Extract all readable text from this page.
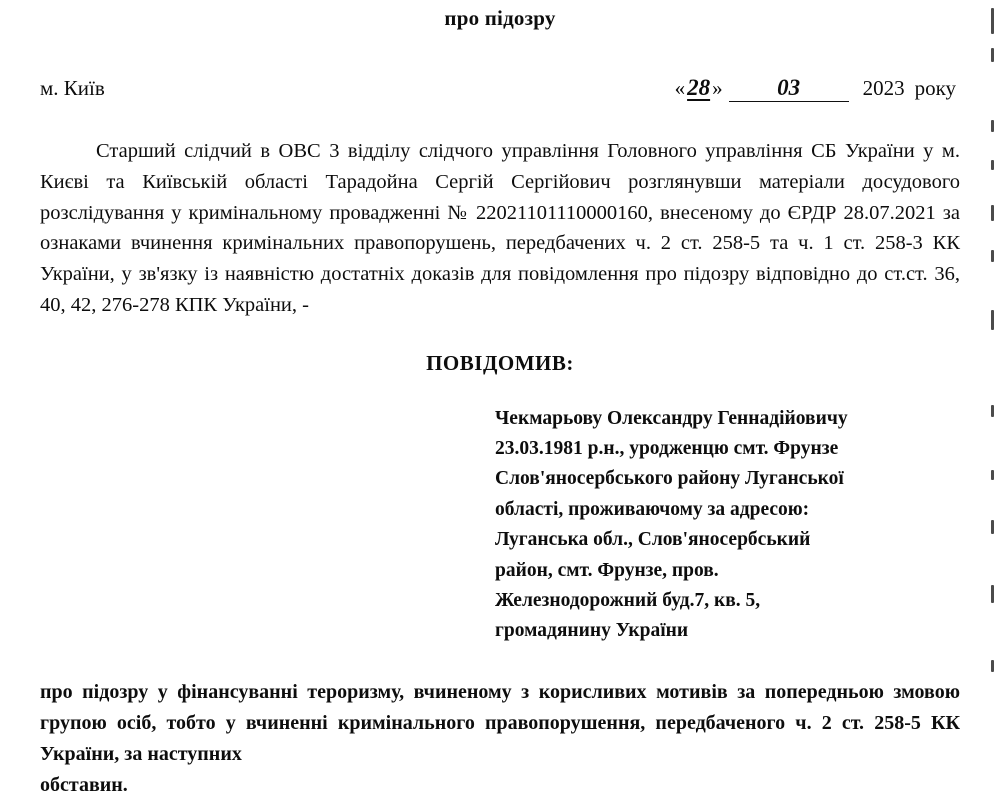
про підозру
м. Київ	« 28 »	03	2023 року
Старший слідчий в ОВС 3 відділу слідчого управління Головного управління СБ України у м. Києві та Київській області Тарадойна Сергій Сергійович розглянувши матеріали досудового розслідування у кримінальному провадженні № 22021101110000160, внесеному до ЄРДР 28.07.2021 за ознаками вчинення кримінальних правопорушень, передбачених ч. 2 ст. 258-5 та ч. 1 ст. 258-3 КК України, у зв'язку із наявністю достатніх доказів для повідомлення про підозру відповідно до ст.ст. 36, 40, 42, 276-278 КПК України, -
ПОВІДОМИВ:
Чекмарьову Олександру Геннадійовичу
23.03.1981 р.н., уродженцю смт. Фрунзе
Слов'яносербського району Луганської
області, проживаючому за адресою:
Луганська обл., Слов'яносербський
район, смт. Фрунзе, пров.
Железнодорожний буд.7, кв. 5,
громадянину України
про підозру у фінансуванні тероризму, вчиненому з корисливих мотивів за попередньою змовою групою осіб, тобто у вчиненні кримінального правопорушення, передбаченого ч. 2 ст. 258-5 КК України, за наступних
обставин.
